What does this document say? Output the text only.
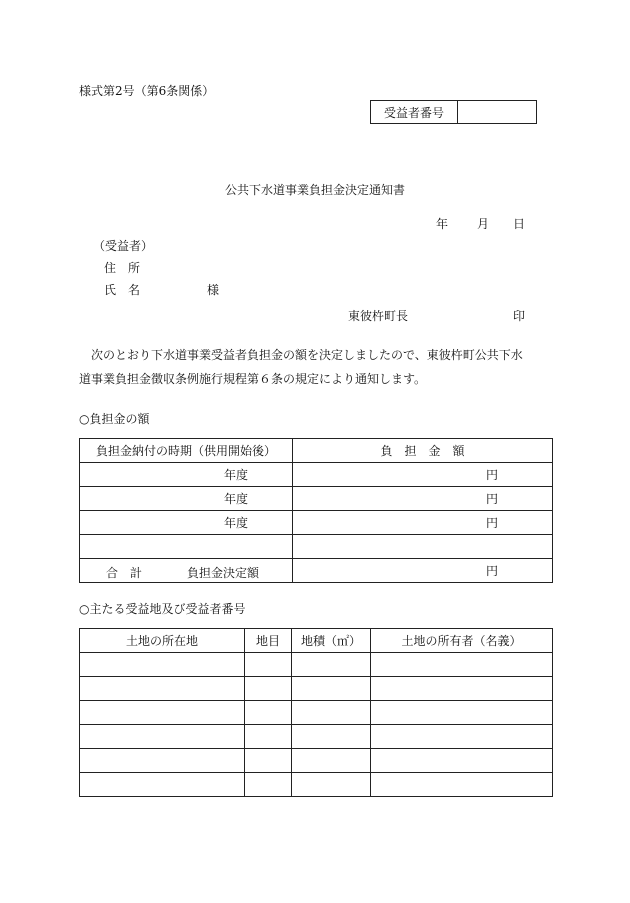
様式第2号（第6条関係）
受益者番号	
公共下水道事業負担金決定通知書
年 月 日
（受益者）
住　所
氏　名	様
東彼杵町長	印
次のとおり下水道事業受益者負担金の額を決定しましたので、東彼杵町公共下水
道事業負担金徴収条例施行規程第６条の規定により通知します。
○負担金の額
負担金納付の時期（供用開始後）	負　担　金　額
年度	円
年度	円
年度	円

合　計 負担金決定額	円
○主たる受益地及び受益者番号
土地の所在地	地目	地積（㎡）	土地の所有者（名義）
